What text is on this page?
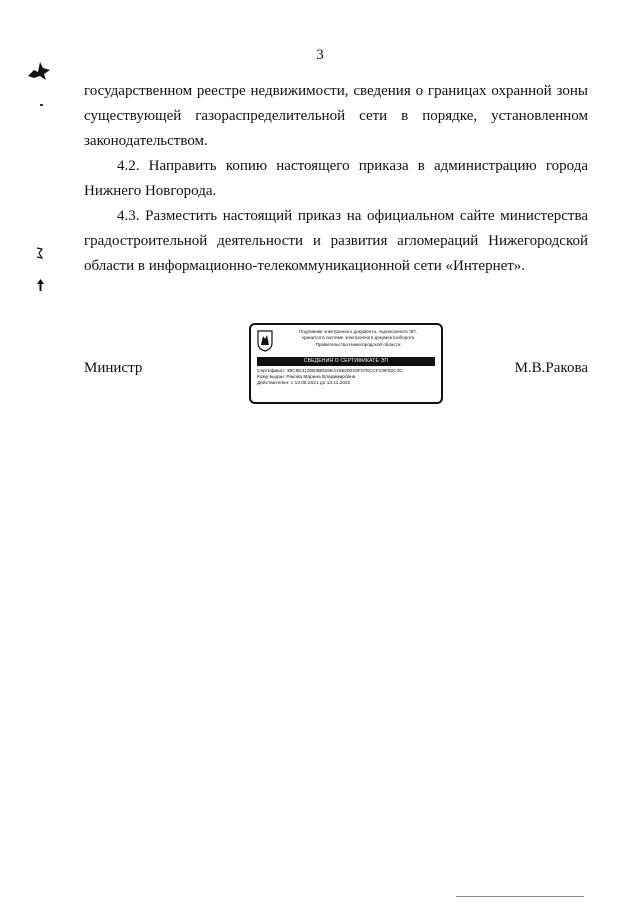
3

государственном реестре недвижимости, сведения о границах охранной зоны существующей газораспределительной сети в порядке, установленном законодательством.

4.2. Направить копию настоящего приказа в администрацию города Нижнего Новгорода.

4.3. Разместить настоящий приказ на официальном сайте министерства градостроительной деятельности и развития агломераций Нижегородской области в информационно-телекоммуникационной сети «Интернет».

Министр	М.В.Ракова
Подлинник электронного документа, подписанного ЭП,
хранится в системе электронного документооборота
Правительства Нижегородской области
СВЕДЕНИЯ О СЕРТИФИКАТЕ ЭП
Сертификат: 39C8E4130B3BE59EA1852003SF075CCFC9F92C3C
Кому выдан: Ракова Марина Владимировна
Действителен: с 13.08.2021 до 13.11.2022
